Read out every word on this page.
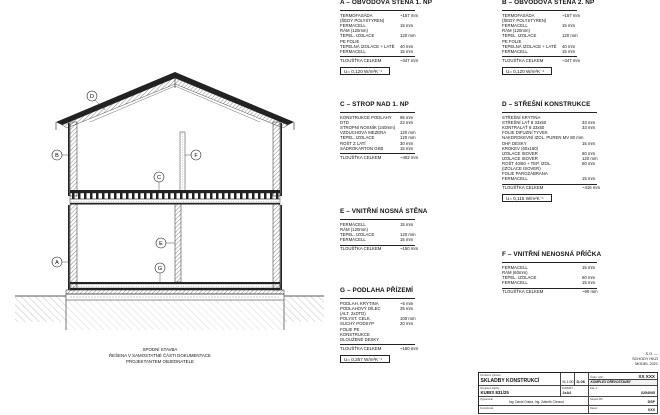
A
B
C
D
E
F
G
SPODNÍ STAVBA
ŘEŠENA V SAMOSTATNÉ ČÁSTI DOKUMENTACE
PROJEKTANTEM OBJEDNATELE
A – OBVODOVÁ STĚNA 1. NP
TERMOFASÁDA	~157 mm
(ŠEDÝ POLYSTYREN)
FERMACELL	15 mm
RÁM (120mm)
TEPEL. IZOLACE	120 mm
PE FOLIE
TEPELNÁ IZOLACE + LATĚ 40 mm
FERMACELL	15 mm
TLOUŠŤKA CELKEM	~347 mm
U= 0,120 W/m²K⁻¹
B – OBVODOVÁ STĚNA 2. NP
TERMOFASÁDA	~157 mm
(ŠEDÝ POLYSTYREN)
FERMACELL	15 mm
RÁM (120mm)
TEPEL. IZOLACE	120 mm
PE FOLIE
TEPELNÁ IZOLACE + LATĚ 40 mm
FERMACELL	15 mm
TLOUŠŤKA CELKEM	~347 mm
U= 0,120 W/m²K⁻¹
C – STROP NAD 1. NP
KONSTRUKCE PODLAHY 95 mm
DTD	22 mm
STROPNÍ NOSNÍK (240mm)
VZDUCHOVÁ MEZERA	120 mm
TEPEL. IZOLACE	120 mm
ROŠT Z LATÍ	30 mm
SÁDROKARTON GKB	15 mm
TLOUŠŤKA CELKEM	~402 mm
D – STŘEŠNÍ KONSTRUKCE
STŘEŠNÍ KRYTINA
STŘEŠNÍ LAŤ 8 33x50	33 mm
KONTRALAŤ 8 33x50	33 mm
FOLIE DIFUZNÍ TYVEK
NAKDROKEVNÍ IZOL. PUREN MV 80 mm
DHF DESKY	15 mm
KROKEV (60x180)
IZOLACE ISOVER	60 mm
IZOLACE ISOVER	120 mm
ROŠT 40/60 + TEP. IZOL.	60 mm
(IZOLACE ISOVER)
FOLIE PAROZÁBRANA
FERMACELL	15 mm
TLOUŠŤKA CELKEM	~416 mm
U= 0,115 W/m²K⁻¹
E – VNITŘNÍ NOSNÁ STĚNA
FERMACELL	15 mm
RÁM (120mm)
TEPEL. IZOLACE	120 mm
FERMACELL	15 mm
TLOUŠŤKA CELKEM	~150 mm
F – VNITŘNÍ NENOSNÁ PŘÍČKA
FERMACELL	15 mm
RÁM (60mm)
TEPEL. IZOLACE	60 mm
FERMACELL	15 mm
TLOUŠŤKA CELKEM	~90 mm
G – PODLAHA PŘÍZEMÍ
PODLAH. KRYTINA	~5 mm
PODLAHOVÝ DÍLEC	25 mm
(ALT. 2xDTD)
POLYST. CELK.	100 mm
SUCHÝ PODSYP	20 mm
FOLIE PE
KONSTRUKCE
DLOUŽENÉ DESKY
TLOUŠŤKA CELKEM	~150 mm
U= 0,267 W/m²K⁻¹
S.O. —
SCHODY HKZI
MODEL 2021
Označení výkresu
SKLADBY KONSTRUKCÍ	M 1:50 D.06
Číslo výkr.	XX XXX
KOMPLEX DŘEVOSTAVBY
Označení stavby
KUBIS 831/25
FORMÁT
2xA4
Zak. č.
0254005
Vypracoval
Ing. David Ondra, Ing. Zdeněk Chroust
Stupeň PD
DSP
Kontroloval	Datum
XXX
